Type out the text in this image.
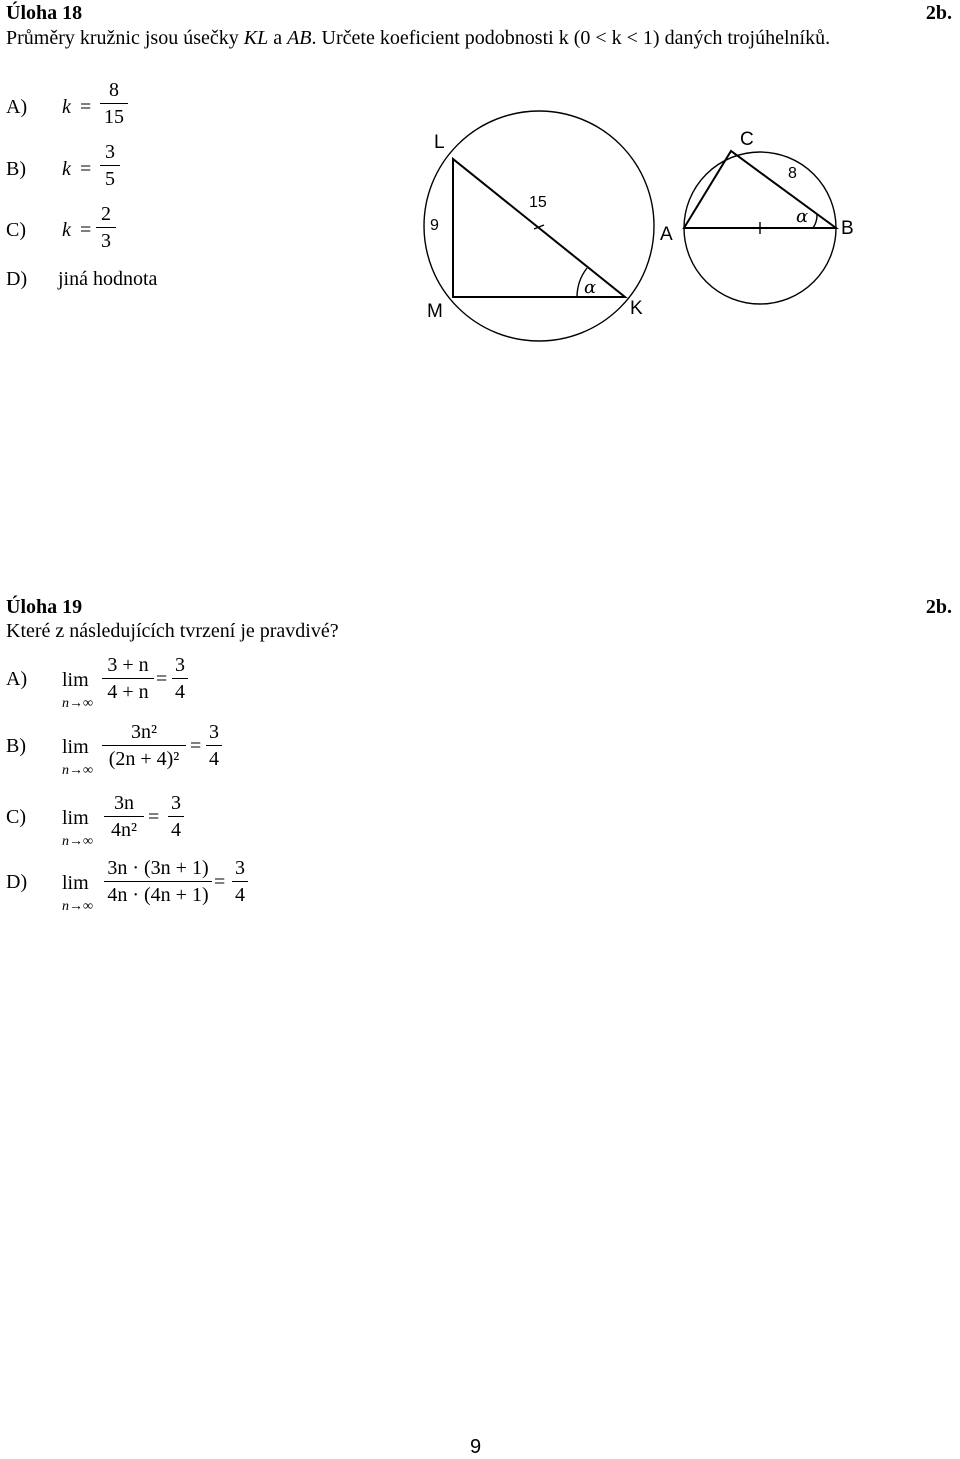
Úloha 18	2b.
Průměry kružnic jsou úsečky KL a AB. Určete koeficient podobnosti k (0 < k < 1) daných trojúhelníků.
A) k =
8
15
B) k =
3
5
C) k =
2
3
D) jiná hodnota
L
M	K
9
15
α
C
A	B
8
α
Úloha 19	2b.
Které z následujících tvrzení je pravdivé?
A) lim
n→∞
3 + n
4 + n
=
3
4
B) lim
n→∞
3n²
(2n + 4)²
=
3
4
C) lim
n→∞
3n
4n²
=
3
4
D) lim
n→∞
3n · (3n + 1)
4n · (4n + 1)
=
3
4
9
